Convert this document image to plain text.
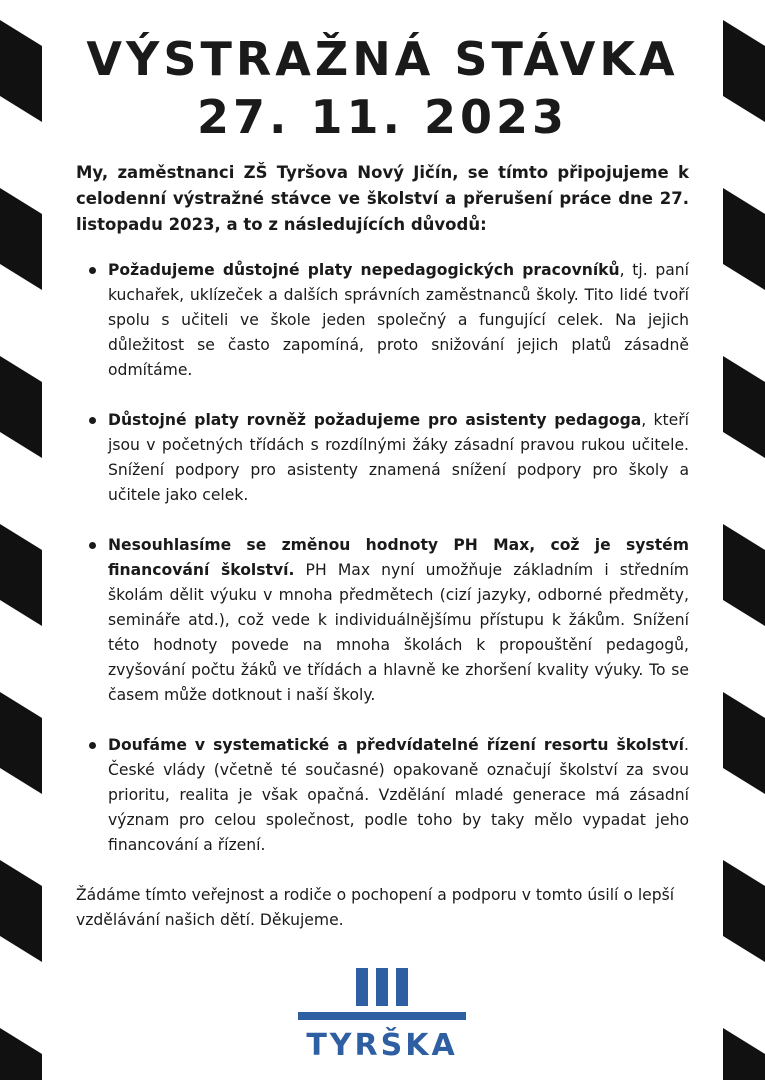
VÝSTRAŽNÁ STÁVKA
27. 11. 2023

My, zaměstnanci ZŠ Tyršova Nový Jičín, se tímto připojujeme k celodenní výstražné stávce ve školství a přerušení práce dne 27. listopadu 2023, a to z následujících důvodů:

Požadujeme důstojné platy nepedagogických pracovníků, tj. paní kuchařek, uklízeček a dalších správních zaměstnanců školy. Tito lidé tvoří spolu s učiteli ve škole jeden společný a fungující celek. Na jejich důležitost se často zapomíná, proto snižování jejich platů zásadně odmítáme.
Důstojné platy rovněž požadujeme pro asistenty pedagoga, kteří jsou v početných třídách s rozdílnými žáky zásadní pravou rukou učitele. Snížení podpory pro asistenty znamená snížení podpory pro školy a učitele jako celek.
Nesouhlasíme se změnou hodnoty PH Max, což je systém financování školství. PH Max nyní umožňuje základním i středním školám dělit výuku v mnoha předmětech (cizí jazyky, odborné předměty, semináře atd.), což vede k individuálnějšímu přístupu k žákům. Snížení této hodnoty povede na mnoha školách k propouštění pedagogů, zvyšování počtu žáků ve třídách a hlavně ke zhoršení kvality výuky. To se časem může dotknout i naší školy.
Doufáme v systematické a předvídatelné řízení resortu školství. České vlády (včetně té současné) opakovaně označují školství za svou prioritu, realita je však opačná. Vzdělání mladé generace má zásadní význam pro celou společnost, podle toho by taky mělo vypadat jeho financování a řízení.

Žádáme tímto veřejnost a rodiče o pochopení a podporu v tomto úsilí o lepší vzdělávání našich dětí. Děkujeme.

TYRŠKA
